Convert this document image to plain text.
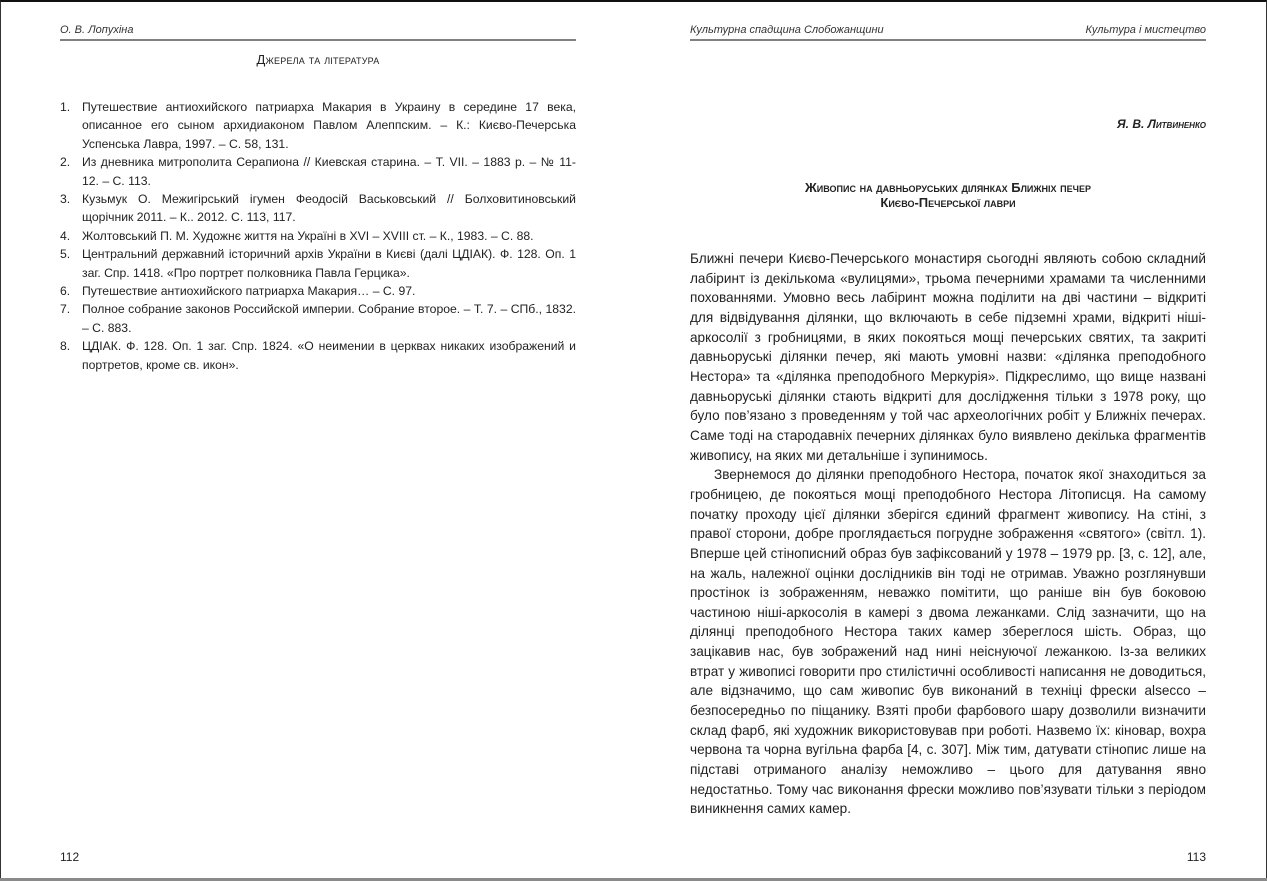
О. В. Лопухіна
Джерела та література
1. Путешествие антиохийского патриарха Макария в Украину в середине 17 века, описанное его сыном архидиаконом Павлом Алеппским. – К.: Києво-Печерська Успенська Лавра, 1997. – С. 58, 131.
2. Из дневника митрополита Серапиона // Киевская старина. – Т. VII. – 1883 р. – № 11-12. – С. 113.
3. Кузьмук О. Межигірський ігумен Феодосій Васьковський // Болховитиновський щорічник 2011. – К.. 2012. С. 113, 117.
4. Жолтовський П. М. Художнє життя на Україні в XVI – XVIII ст. – К., 1983. – С. 88.
5. Центральний державний історичний архів України в Києві (далі ЦДІАК). Ф. 128. Оп. 1 заг. Спр. 1418. «Про портрет полковника Павла Герцика».
6. Путешествие антиохийского патриарха Макария… – С. 97.
7. Полное собрание законов Российской империи. Собрание второе. – Т. 7. – СПб., 1832. – С. 883.
8. ЦДІАК. Ф. 128. Оп. 1 заг. Спр. 1824. «О неимении в церквах никаких изображений и портретов, кроме св. икон».
112
Культурна спадщина Слобожанщини	Культура і мистецтво
Я. В. Литвиненко
Живопис на давньоруських ділянках Ближніх печер
Києво-Печерської лаври

Ближні печери Києво-Печерського монастиря сьогодні являють собою складний лабіринт із декількома «вулицями», трьома печерними храмами та численними похованнями. Умовно весь лабіринт можна поділити на дві частини – відкриті для відвідування ділянки, що включають в себе підземні храми, відкриті ніші-аркосолії з гробницями, в яких покояться мощі печерських святих, та закриті давньоруські ділянки печер, які мають умовні назви: «ділянка преподобного Нестора» та «ділянка преподобного Меркурія». Підкреслимо, що вище названі давньоруські ділянки стають відкриті для дослідження тільки з 1978 року, що було пов’язано з проведенням у той час археологічних робіт у Ближніх печерах. Саме тоді на стародавніх печерних ділянках було виявлено декілька фрагментів живопису, на яких ми детальніше і зупинимось.

Звернемося до ділянки преподобного Нестора, початок якої знаходиться за гробницею, де покояться мощі преподобного Нестора Літописця. На самому початку проходу цієї ділянки зберігся єдиний фрагмент живопису. На стіні, з правої сторони, добре проглядається погрудне зображення «святого» (світл. 1). Вперше цей стінописний образ був зафіксований у 1978 – 1979 рр. [3, с. 12], але, на жаль, належної оцінки дослідників він тоді не отримав. Уважно розглянувши простінок із зображенням, неважко помітити, що раніше він був боковою частиною ніші-аркосолія в камері з двома лежанками. Слід зазначити, що на ділянці преподобного Нестора таких камер збереглося шість. Образ, що зацікавив нас, був зображений над нині неіснуючої лежанкою. Із-за великих втрат у живописі говорити про стилістичні особливості написання не доводиться, але відзначимо, що сам живопис був виконаний в техніці фрески alsecco – безпосередньо по піщанику. Взяті проби фарбового шару дозволили визначити склад фарб, які художник використовував при роботі. Назвемо їх: кіновар, вохра червона та чорна вугільна фарба [4, с. 307]. Між тим, датувати стінопис лише на підставі отриманого аналізу неможливо – цього для датування явно недостатньо. Тому час виконання фрески можливо пов’язувати тільки з періодом виникнення самих камер.

113
